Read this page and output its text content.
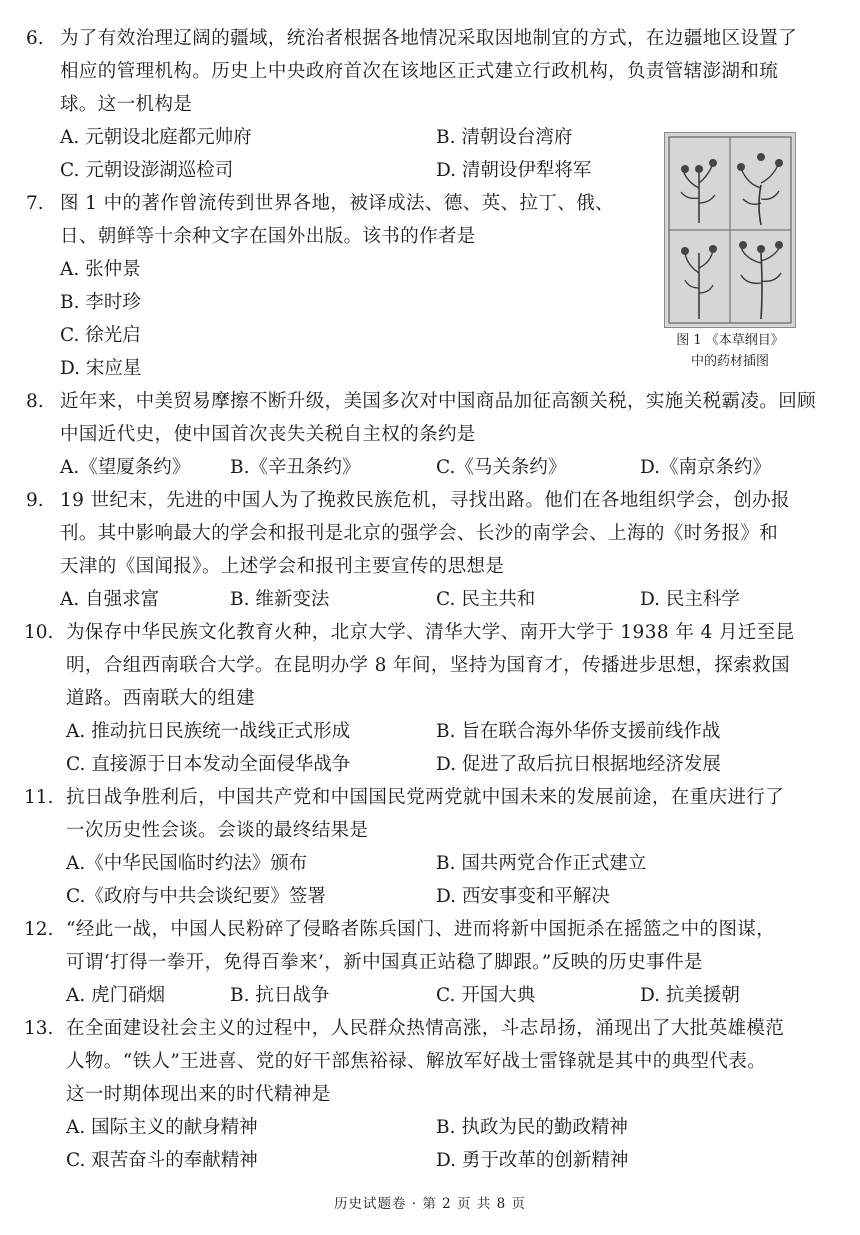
6. 为了有效治理辽阔的疆域，统治者根据各地情况采取因地制宜的方式，在边疆地区设置了
相应的管理机构。历史上中央政府首次在该地区正式建立行政机构，负责管辖澎湖和琉
球。这一机构是
A. 元朝设北庭都元帅府	B. 清朝设台湾府
C. 元朝设澎湖巡检司	D. 清朝设伊犁将军
7. 图 1 中的著作曾流传到世界各地，被译成法、德、英、拉丁、俄、
日、朝鲜等十余种文字在国外出版。该书的作者是
A. 张仲景
B. 李时珍
C. 徐光启
D. 宋应星
图 1 《本草纲目》
中的药材插图
8. 近年来，中美贸易摩擦不断升级，美国多次对中国商品加征高额关税，实施关税霸凌。回顾
中国近代史，使中国首次丧失关税自主权的条约是
A.《望厦条约》 B.《辛丑条约》	C.《马关条约》	D.《南京条约》
9. 19 世纪末，先进的中国人为了挽救民族危机，寻找出路。他们在各地组织学会，创办报
刊。其中影响最大的学会和报刊是北京的强学会、长沙的南学会、上海的《时务报》和
天津的《国闻报》。上述学会和报刊主要宣传的思想是
A. 自强求富	B. 维新变法	C. 民主共和	D. 民主科学
10. 为保存中华民族文化教育火种，北京大学、清华大学、南开大学于 1938 年 4 月迁至昆
明，合组西南联合大学。在昆明办学 8 年间，坚持为国育才，传播进步思想，探索救国
道路。西南联大的组建
A. 推动抗日民族统一战线正式形成	B. 旨在联合海外华侨支援前线作战
C. 直接源于日本发动全面侵华战争	D. 促进了敌后抗日根据地经济发展
11. 抗日战争胜利后，中国共产党和中国国民党两党就中国未来的发展前途，在重庆进行了
一次历史性会谈。会谈的最终结果是
A.《中华民国临时约法》颁布	B. 国共两党合作正式建立
C.《政府与中共会谈纪要》签署	D. 西安事变和平解决
12. “经此一战，中国人民粉碎了侵略者陈兵国门、进而将新中国扼杀在摇篮之中的图谋，
可谓‘打得一拳开，免得百拳来’，新中国真正站稳了脚跟。”反映的历史事件是
A. 虎门硝烟	B. 抗日战争	C. 开国大典	D. 抗美援朝
13. 在全面建设社会主义的过程中，人民群众热情高涨，斗志昂扬，涌现出了大批英雄模范
人物。“铁人”王进喜、党的好干部焦裕禄、解放军好战士雷锋就是其中的典型代表。
这一时期体现出来的时代精神是
A. 国际主义的献身精神	B. 执政为民的勤政精神
C. 艰苦奋斗的奉献精神	D. 勇于改革的创新精神
历史试题卷 · 第 2 页 共 8 页
